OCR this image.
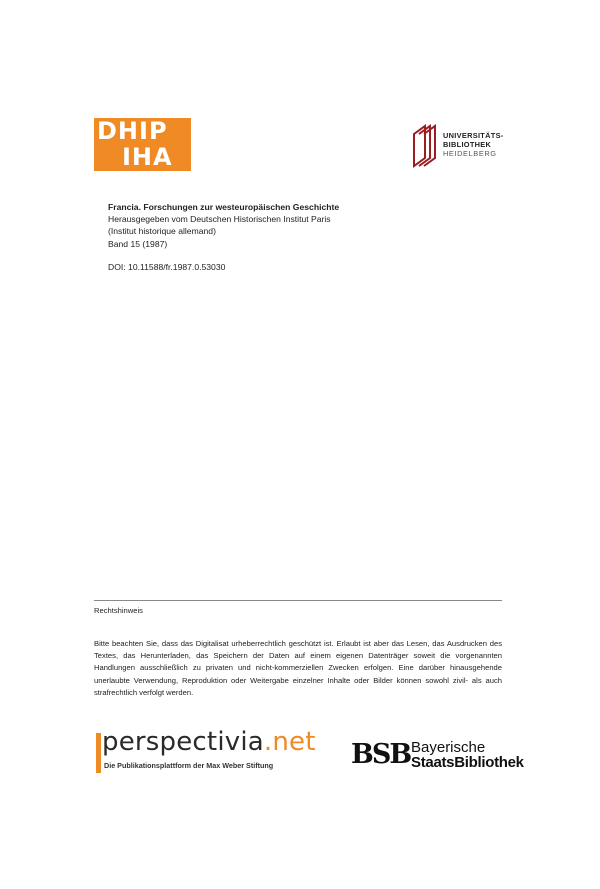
DHIP
IHA
UNIVERSITÄTS-
BIBLIOTHEK
HEIDELBERG
Francia. Forschungen zur westeuropäischen Geschichte
Herausgegeben vom Deutschen Historischen Institut Paris
(Institut historique allemand)
Band 15 (1987)
DOI: 10.11588/fr.1987.0.53030
Rechtshinweis
Bitte beachten Sie, dass das Digitalisat urheberrechtlich geschützt ist. Erlaubt ist aber das Lesen, das Ausdrucken des Textes, das Herunterladen, das Speichern der Daten auf einem eigenen Datenträger soweit die vorgenannten Handlungen ausschließlich zu privaten und nicht-kommerziellen Zwecken erfolgen. Eine darüber hinausgehende unerlaubte Verwendung, Reproduktion oder Weitergabe einzelner Inhalte oder Bilder können sowohl zivil- als auch strafrechtlich verfolgt werden.
perspectivia.net
Die Publikationsplattform der Max Weber Stiftung	BSB Bayerische
StaatsBibliothek
